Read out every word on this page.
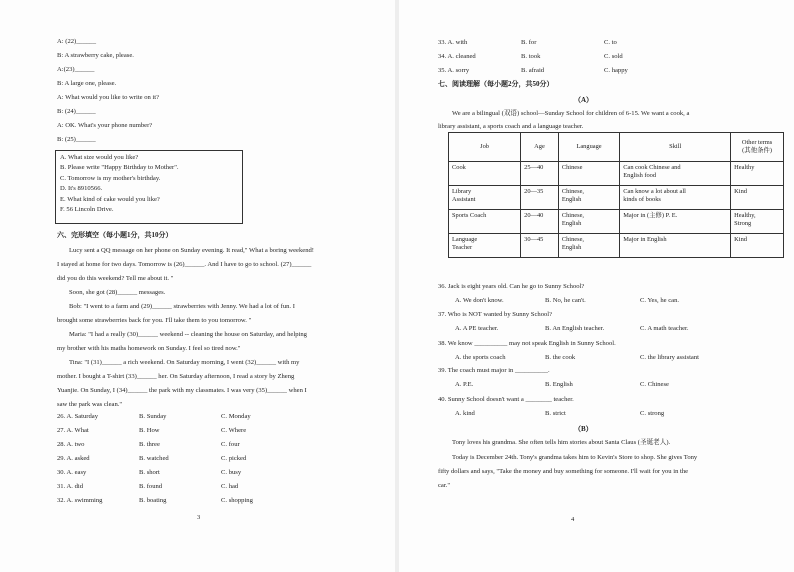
A: (22)______
B: A strawberry cake, please.
A:(23)______
B: A large one, please.
A: What would you like to write on it?
B: (24)______
A: OK. What's your phone number?
B: (25)______
六、完形填空（每小题1分，共10分）
Lucy sent a QQ message on her phone on Sunday evening. It read," What a boring weekend!
I stayed at home for two days. Tomorrow is (26)______. And I have to go to school. (27)______
did you do this weekend? Tell me about it. "
Soon, she got (28)______ messages.
Bob: "I went to a farm and (29)______ strawberries with Jenny. We had a lot of fun. I
brought some strawberries back for you. I'll take them to you tomorrow. "
Maria: "I had a really (30)______ weekend -- cleaning the house on Saturday, and helping
my brother with his maths homework on Sunday. I feel so tired now."
Tina: "I (31)______ a rich weekend. On Saturday morning, I went (32)______ with my
mother. I bought a T-shirt (33)______ her. On Saturday afternoon, I read a story by Zheng
Yuanjie. On Sunday, I (34)______ the park with my classmates. I was very (35)______ when I
saw the park was clean."
26. A. Saturday	B. Sunday	C. Monday
27. A. What	B. How	C. Where
28. A. two	B. three	C. four
29. A. asked	B. watched	C. picked
30. A. easy	B. short	C. busy
31. A. did	B. found	C. had
32. A. swimming	B. boating	C. shopping
A. What size would you like?
B. Please write "Happy Birthday to Mother".
C. Tomorrow is my mother's birthday.
D. It's 8910566.
E. What kind of cake would you like?
F. 56 Lincoln Drive.
33. A. with	B. for	C. to
34. A. cleaned	B. took	C. sold
35. A. sorry	B. afraid	C. happy
七、阅读理解（每小题2分，共50分）
（A）
We are a bilingual (双语) school—Sunday School for children of 6-15. We want a cook, a
library assistant, a sports coach and a language teacher.
36. Jack is eight years old. Can he go to Sunny School?
A. We don't know.	B. No, he can't.	C. Yes, he can.
37. Who is NOT wanted by Sunny School?
A. A PE teacher.	B. An English teacher.	C. A math teacher.
38. We know __________ may not speak English in Sunny School.
A. the sports coach	B. the cook	C. the library assistant
39. The coach must major in __________.
A. P.E.	B. English	C. Chinese
40. Sunny School doesn't want a ________ teacher.
A. kind	B. strict	C. strong
（B）
Tony loves his grandma. She often tells him stories about Santa Claus (圣诞老人).
Today is December 24th. Tony's grandma takes him to Kevin's Store to shop. She gives Tony
fifty dollars and says, "Take the money and buy something for someone. I'll wait for you in the
car."
Job	Age	Language	Skill	Other terms
(其他条件)
Cook	25—40	Chinese	Can cook Chinese and
English food	Healthy
Library
Assistant	20—35	Chinese,
English	Can know a lot about all
kinds of books	Kind
Sports Coach	20—40	Chinese,
English	Major in (主修) P. E.	Healthy,
Strong
Language
Teacher	30—45	Chinese,
English	Major in English	Kind
3	4
